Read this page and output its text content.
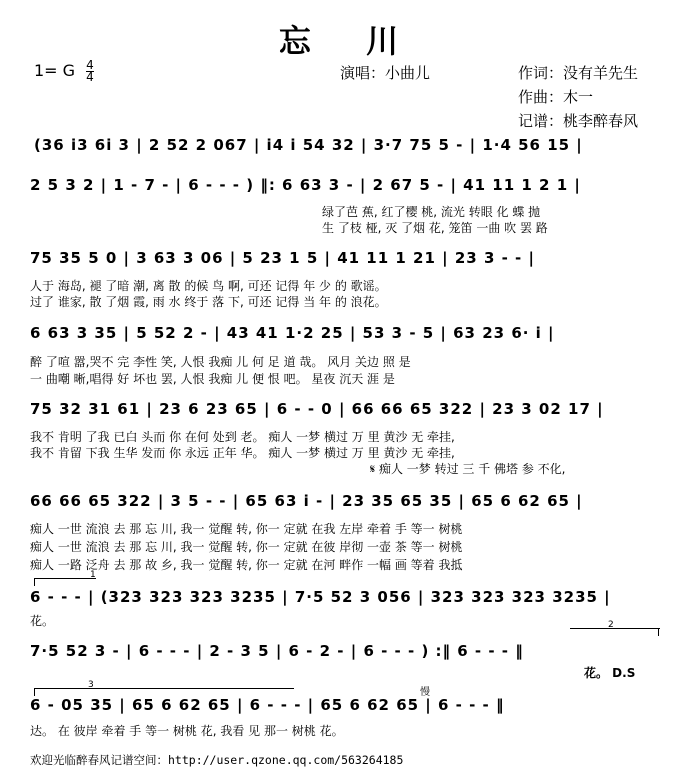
忘 川
1= G $\frac{4}{4}$	演唱：小曲儿	作词：没有羊先生
作曲：木一
记谱：桃李醉春风
(36 i3 6i 3 | 2 52 2 067 | i4 i 54 32 | 3·7 75 5 - | 1·4 56 15 |
2 5 3 2 | 1 - 7 - | 6 - - - ) ‖: 6 63 3 - | 2 67 5 - | 41 11 1 2 1 |
绿了芭 蕉, 红了樱 桃, 流光 转眼 化 蝶 抛
生 了枝 桠, 灭 了烟 花, 笼笛 一曲 吹 罢 路
75 35 5 0 | 3 63 3 06 | 5 23 1 5 | 41 11 1 21 | 23 3 - - |
人于 海岛, 褪 了暗 潮, 离 散 的候 鸟 啊, 可还 记得 年 少 的 歌谣。
过了 谁家, 散 了烟 霞, 雨 水 终于 落 下, 可还 记得 当 年 的 浪花。
6 63 3 35 | 5 52 2 - | 43 41 1·2 25 | 53 3 - 5 | 63 23 6· i |
醉 了喧 嚣,哭不 完 李性 笑, 人恨 我痴 儿 何 足 道 哉。 风月 关边 照 是
一 曲嘲 晰,唱得 好 坏也 罢, 人恨 我痴 儿 便 恨 吧。 星夜 沉天 涯 是
75 32 31 61 | 23 6 23 65 | 6 - - 0 | 66 66 65 322 | 23 3 02 17 |
我不 肯明 了我 已白 头而 你 在何 处到 老。 痴人 一梦 横过 万 里 黄沙 无 牵挂,
我不 肯留 下我 生华 发而 你 永远 正年 华。 痴人 一梦 横过 万 里 黄沙 无 牵挂,
𝄋 痴人 一梦 转过 三 千 佛塔 参 不化,
66 66 65 322 | 3 5 - - | 65 63 i - | 23 35 65 35 | 65 6 62 65 |
痴人 一世 流浪 去 那 忘 川, 我一 觉醒 转, 你一 定就 在我 左岸 牵着 手 等一 树桃
痴人 一世 流浪 去 那 忘 川, 我一 觉醒 转, 你一 定就 在彼 岸彻 一壶 茶 等一 树桃
痴人 一路 泛舟 去 那 故 乡, 我一 觉醒 转, 你一 定就 在河 畔作 一幅 画 等着 我抵
1
6 - - - | (323 323 323 3235 | 7·5 52 3 056 | 323 323 323 3235 |
花。	2
7·5 52 3 - | 6 - - - | 2 - 3 5 | 6 - 2 - | 6 - - - ) :‖ 6 - - - ‖
花。 D.S
3
慢
6 - 05 35 | 65 6 62 65 | 6 - - - | 65 6 62 65 | 6 - - - ‖
达。 在 彼岸 牵着 手 等一 树桃 花, 我看 见 那一 树桃 花。
欢迎光临醉春风记谱空间：http://user.qzone.qq.com/563264185
